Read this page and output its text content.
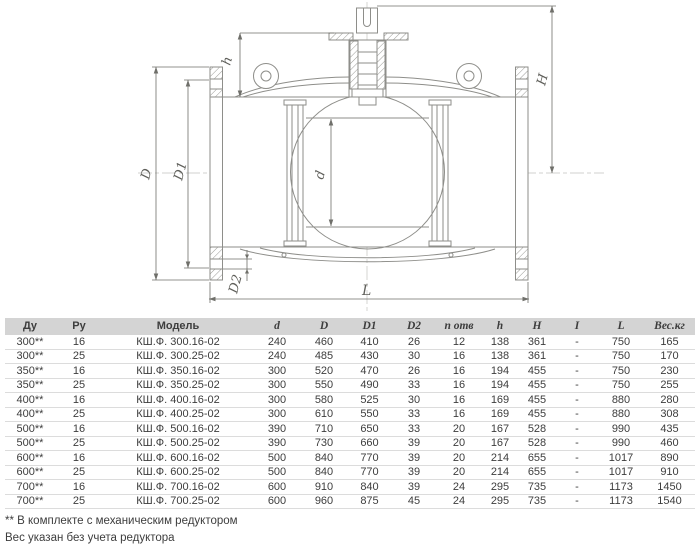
h
H
D D1
D2
d
L
Ду	Ру	Модель	d	D	D1	D2	n отв	h	H	I	L	Вес.кг
300**	16	КШ.Ф. 300.16-02	240	460	410	26	12	138	361	-	750	165
300**	25	КШ.Ф. 300.25-02	240	485	430	30	16	138	361	-	750	170
350**	16	КШ.Ф. 350.16-02	300	520	470	26	16	194	455	-	750	230
350**	25	КШ.Ф. 350.25-02	300	550	490	33	16	194	455	-	750	255
400**	16	КШ.Ф. 400.16-02	300	580	525	30	16	169	455	-	880	280
400**	25	КШ.Ф. 400.25-02	300	610	550	33	16	169	455	-	880	308
500**	16	КШ.Ф. 500.16-02	390	710	650	33	20	167	528	-	990	435
500**	25	КШ.Ф. 500.25-02	390	730	660	39	20	167	528	-	990	460
600**	16	КШ.Ф. 600.16-02	500	840	770	39	20	214	655	-	1017	890
600**	25	КШ.Ф. 600.25-02	500	840	770	39	20	214	655	-	1017	910
700**	16	КШ.Ф. 700.16-02	600	910	840	39	24	295	735	-	1173	1450
700**	25	КШ.Ф. 700.25-02	600	960	875	45	24	295	735	-	1173	1540
** В комплекте с механическим редуктором
Вес указан без учета редуктора
